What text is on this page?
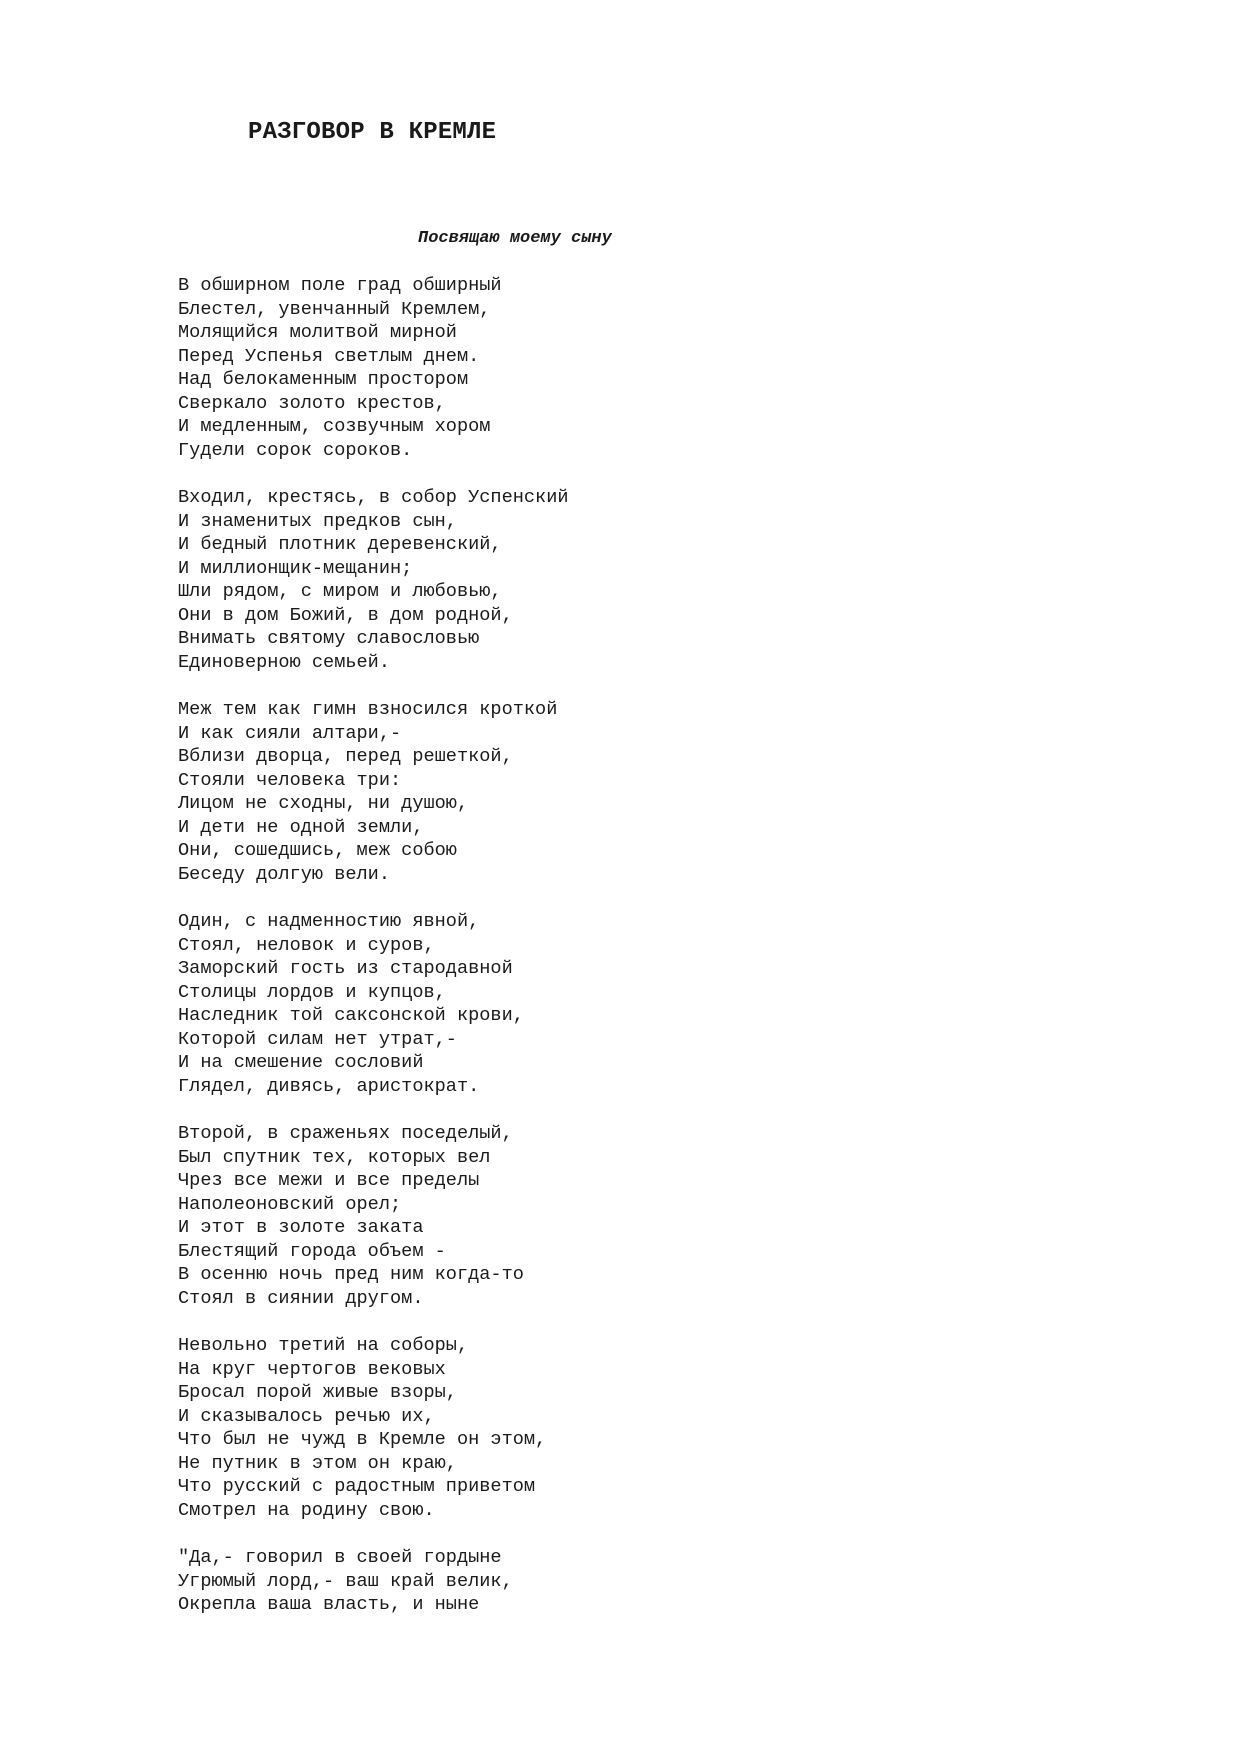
РАЗГОВОР В КРЕМЛЕ

Посвящаю моему сыну

В обширном поле град обширный
Блестел, увенчанный Кремлем,
Молящийся молитвой мирной
Перед Успенья светлым днем.
Над белокаменным простором
Сверкало золото крестов,
И медленным, созвучным хором
Гудели сорок сороков.
Входил, крестясь, в собор Успенский
И знаменитых предков сын,
И бедный плотник деревенский,
И миллионщик-мещанин;
Шли рядом, с миром и любовью,
Они в дом Божий, в дом родной,
Внимать святому славословью
Единоверною семьей.
Меж тем как гимн взносился кроткой
И как сияли алтари,-
Вблизи дворца, перед решеткой,
Стояли человека три:
Лицом не сходны, ни душою,
И дети не одной земли,
Они, сошедшись, меж собою
Беседу долгую вели.
Один, с надменностию явной,
Стоял, неловок и суров,
Заморский гость из стародавной
Столицы лордов и купцов,
Наследник той саксонской крови,
Которой силам нет утрат,-
И на смешение сословий
Глядел, дивясь, аристократ.
Второй, в сраженьях поседелый,
Был спутник тех, которых вел
Чрез все межи и все пределы
Наполеоновский орел;
И этот в золоте заката
Блестящий города объем -
В осенню ночь пред ним когда-то
Стоял в сиянии другом.
Невольно третий на соборы,
На круг чертогов вековых
Бросал порой живые взоры,
И сказывалось речью их,
Что был не чужд в Кремле он этом,
Не путник в этом он краю,
Что русский с радостным приветом
Смотрел на родину свою.
"Да,- говорил в своей гордыне
Угрюмый лорд,- ваш край велик,
Окрепла ваша власть, и ныне
